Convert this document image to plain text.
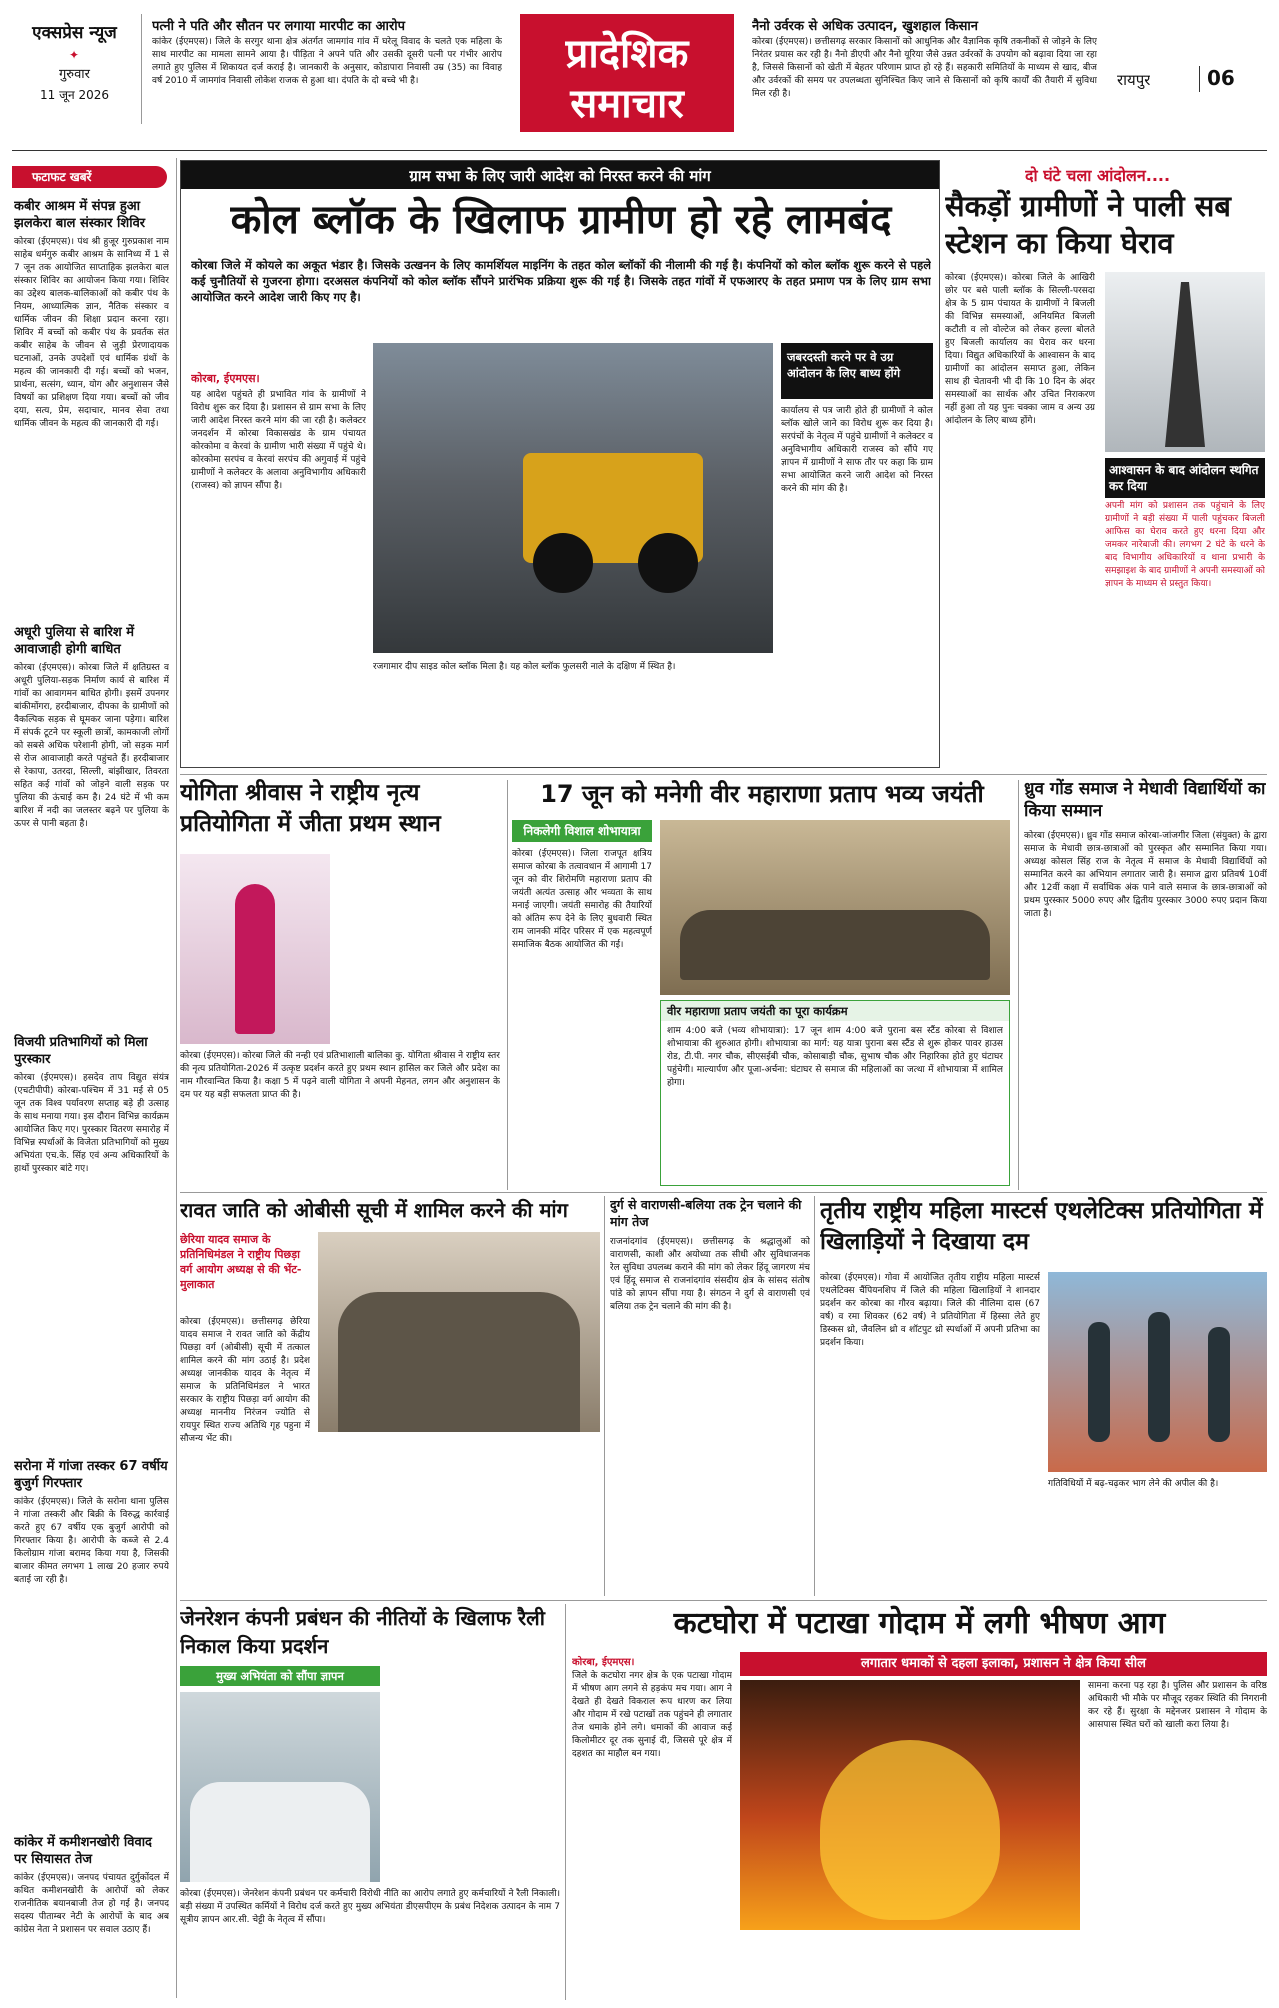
एक्सप्रेस न्यूज
✦
गुरुवार
11 जून 2026
पत्नी ने पति और सौतन पर लगाया मारपीट का आरोप
कांकेर (ईएमएस)। जिले के सरगुर थाना क्षेत्र अंतर्गत जामगांव गांव में घरेलू विवाद के चलते एक महिला के साथ मारपीट का मामला सामने आया है। पीड़िता ने अपने पति और उसकी दूसरी पत्नी पर गंभीर आरोप लगाते हुए पुलिस में शिकायत दर्ज कराई है। जानकारी के अनुसार, कोडापारा निवासी उम्र (35) का विवाह वर्ष 2010 में जामगांव निवासी लोकेश राजक से हुआ था। दंपति के दो बच्चे भी है।
प्रादेशिक
समाचार
नैनो उर्वरक से अधिक उत्पादन, खुशहाल किसान
कोरबा (ईएमएस)। छत्तीसगढ़ सरकार किसानों को आधुनिक और वैज्ञानिक कृषि तकनीकों से जोड़ने के लिए निरंतर प्रयास कर रही है। नैनो डीएपी और नैनो यूरिया जैसे उन्नत उर्वरकों के उपयोग को बढ़ावा दिया जा रहा है, जिससे किसानों को खेती में बेहतर परिणाम प्राप्त हो रहे हैं। सहकारी समितियों के माध्यम से खाद, बीज और उर्वरकों की समय पर उपलब्धता सुनिश्चित किए जाने से किसानों को कृषि कार्यों की तैयारी में सुविधा मिल रही है।
रायपुर	06
फटाफट खबरें
कबीर आश्रम में संपन्न हुआ झलकेरा बाल संस्कार शिविर
कोरबा (ईएमएस)। पंथ श्री हुजूर गुरुप्रकाश नाम साहेब धर्मगुरु कबीर आश्रम के सानिध्य में 1 से 7 जून तक आयोजित साप्ताहिक झलकेरा बाल संस्कार शिविर का आयोजन किया गया। शिविर का उद्देश्य बालक-बालिकाओं को कबीर पंथ के नियम, आध्यात्मिक ज्ञान, नैतिक संस्कार व धार्मिक जीवन की शिक्षा प्रदान करना रहा। शिविर में बच्चों को कबीर पंथ के प्रवर्तक संत कबीर साहेब के जीवन से जुड़ी प्रेरणादायक घटनाओं, उनके उपदेशों एवं धार्मिक ग्रंथों के महत्व की जानकारी दी गई। बच्चों को भजन, प्रार्थना, सत्संग, ध्यान, योग और अनुशासन जैसे विषयों का प्रशिक्षण दिया गया। बच्चों को जीव दया, सत्य, प्रेम, सदाचार, मानव सेवा तथा धार्मिक जीवन के महत्व की जानकारी दी गई।
अधूरी पुलिया से बारिश में आवाजाही होगी बाधित
कोरबा (ईएमएस)। कोरबा जिले में क्षतिग्रस्त व अधूरी पुलिया-सड़क निर्माण कार्य से बारिश में गांवों का आवागमन बाधित होगी। इसमें उपनगर बांकीमोंगरा, हरदीबाजार, दीपका के ग्रामीणों को वैकल्पिक सड़क से घूमकर जाना पड़ेगा। बारिश में संपर्क टूटने पर स्कूली छात्रों, कामकाजी लोगों को सबसे अधिक परेशानी होगी, जो सड़क मार्ग से रोज आवाजाही करते पहुंचते हैं। हरदीबाजार से रेकापा, उतरदा, सिल्ली, बांझीखार, तिवरता सहित कई गांवों को जोड़ने वाली सड़क पर पुलिया की ऊंचाई कम है। 24 घंटे में भी कम बारिश में नदी का जलस्तर बढ़ने पर पुलिया के ऊपर से पानी बहता है।
विजयी प्रतिभागियों को मिला पुरस्कार
कोरबा (ईएमएस)। हसदेव ताप विद्युत संयंत्र (एचटीपीपी) कोरबा-पश्चिम में 31 मई से 05 जून तक विश्व पर्यावरण सप्ताह बड़े ही उत्साह के साथ मनाया गया। इस दौरान विभिन्न कार्यक्रम आयोजित किए गए। पुरस्कार वितरण समारोह में विभिन्न स्पर्धाओं के विजेता प्रतिभागियों को मुख्य अभियंता एच.के. सिंह एवं अन्य अधिकारियों के हाथों पुरस्कार बांटे गए।
सरोना में गांजा तस्कर 67 वर्षीय बुजुर्ग गिरफ्तार
कांकेर (ईएमएस)। जिले के सरोना थाना पुलिस ने गांजा तस्करी और बिक्री के विरुद्ध कार्रवाई करते हुए 67 वर्षीय एक बुजुर्ग आरोपी को गिरफ्तार किया है। आरोपी के कब्जे से 2.4 किलोग्राम गांजा बरामद किया गया है, जिसकी बाजार कीमत लगभग 1 लाख 20 हजार रुपये बताई जा रही है।
कांकेर में कमीशनखोरी विवाद पर सियासत तेज
कांकेर (ईएमएस)। जनपद पंचायत दुर्गुकोंदल में कथित कमीशनखोरी के आरोपों को लेकर राजनीतिक बयानबाजी तेज हो गई है। जनपद सदस्य पीताम्बर नेटी के आरोपों के बाद अब कांग्रेस नेता ने प्रशासन पर सवाल उठाए हैं।
ग्राम सभा के लिए जारी आदेश को निरस्त करने की मांग
कोल ब्लॉक के खिलाफ ग्रामीण हो रहे लामबंद
कोरबा जिले में कोयले का अकूत भंडार है। जिसके उत्खनन के लिए कामर्शियल माइनिंग के तहत कोल ब्लॉकों की नीलामी की गई है। कंपनियों को कोल ब्लॉक शुरू करने से पहले कई चुनौतियों से गुजरना होगा। दरअसल कंपनियों को कोल ब्लॉक सौंपने प्रारंभिक प्रक्रिया शुरू की गई है। जिसके तहत गांवों में एफआरए के तहत प्रमाण पत्र के लिए ग्राम सभा आयोजित करने आदेश जारी किए गए है।
कोरबा, ईएमएस।
यह आदेश पहुंचते ही प्रभावित गांव के ग्रामीणों ने विरोध शुरू कर दिया है। प्रशासन से ग्राम सभा के लिए जारी आदेश निरस्त करने मांग की जा रही है। कलेक्टर जनदर्शन में कोरबा विकासखंड के ग्राम पंचायत कोरकोमा व केरवां के ग्रामीण भारी संख्या में पहुंचे थे। कोरकोमा सरपंच व केरवां सरपंच की अगुवाई में पहुंचे ग्रामीणों ने कलेक्टर के अलावा अनुविभागीय अधिकारी (राजस्व) को ज्ञापन सौंपा है।
रजगामार दीप साइड कोल ब्लॉक मिला है। यह कोल ब्लॉक फुलसरी नाले के दक्षिण में स्थित है।
जबरदस्ती करने पर वे उग्र आंदोलन के लिए बाध्य होंगे
कार्यालय से पत्र जारी होते ही ग्रामीणों ने कोल ब्लॉक खोले जाने का विरोध शुरू कर दिया है। सरपंचों के नेतृत्व में पहुंचे ग्रामीणों ने कलेक्टर व अनुविभागीय अधिकारी राजस्व को सौंपे गए ज्ञापन में ग्रामीणों ने साफ तौर पर कहा कि ग्राम सभा आयोजित करने जारी आदेश को निरस्त करने की मांग की है।
दो घंटे चला आंदोलन....
सैकड़ों ग्रामीणों ने पाली सब स्टेशन का किया घेराव
कोरबा (ईएमएस)। कोरबा जिले के आखिरी छोर पर बसे पाली ब्लॉक के सिल्ली-परसदा क्षेत्र के 5 ग्राम पंचायत के ग्रामीणों ने बिजली की विभिन्न समस्याओं, अनियमित बिजली कटौती व लो वोल्टेज को लेकर हल्ला बोलते हुए बिजली कार्यालय का घेराव कर धरना दिया। विद्युत अधिकारियों के आश्वासन के बाद ग्रामीणों का आंदोलन समाप्त हुआ, लेकिन साथ ही चेतावनी भी दी कि 10 दिन के अंदर समस्याओं का सार्थक और उचित निराकरण नहीं हुआ तो यह पुनः चक्का जाम व अन्य उग्र आंदोलन के लिए बाध्य होंगे।
आश्वासन के बाद आंदोलन स्थगित कर दिया
अपनी मांग को प्रशासन तक पहुंचाने के लिए ग्रामीणों ने बड़ी संख्या में पाली पहुंचकर बिजली आफिस का घेराव करते हुए धरना दिया और जमकर नारेबाजी की। लगभग 2 घंटे के धरने के बाद विभागीय अधिकारियों व थाना प्रभारी के समझाइश के बाद ग्रामीणों ने अपनी समस्याओं को ज्ञापन के माध्यम से प्रस्तुत किया।
योगिता श्रीवास ने राष्ट्रीय नृत्य प्रतियोगिता में जीता प्रथम स्थान
कोरबा (ईएमएस)। कोरबा जिले की नन्ही एवं प्रतिभाशाली बालिका कु. योगिता श्रीवास ने राष्ट्रीय स्तर की नृत्य प्रतियोगिता-2026 में उत्कृष्ट प्रदर्शन करते हुए प्रथम स्थान हासिल कर जिले और प्रदेश का नाम गौरवान्वित किया है। कक्षा 5 में पढ़ने वाली योगिता ने अपनी मेहनत, लगन और अनुशासन के दम पर यह बड़ी सफलता प्राप्त की है।
17 जून को मनेगी वीर महाराणा प्रताप भव्य जयंती
निकलेगी विशाल शोभायात्रा
कोरबा (ईएमएस)। जिला राजपूत क्षत्रिय समाज कोरबा के तत्वावधान में आगामी 17 जून को वीर शिरोमणि महाराणा प्रताप की जयंती अत्यंत उत्साह और भव्यता के साथ मनाई जाएगी। जयंती समारोह की तैयारियों को अंतिम रूप देने के लिए बुधवारी स्थित राम जानकी मंदिर परिसर में एक महत्वपूर्ण समाजिक बैठक आयोजित की गई।
वीर महाराणा प्रताप जयंती का पूरा कार्यक्रम
शाम 4:00 बजे (भव्य शोभायात्रा): 17 जून शाम 4:00 बजे पुराना बस स्टैंड कोरबा से विशाल शोभायात्रा की शुरुआत होगी। शोभायात्रा का मार्ग: यह यात्रा पुराना बस स्टैंड से शुरू होकर पावर हाउस रोड, टी.पी. नगर चौक, सीएसईबी चौक, कोसाबाड़ी चौक, सुभाष चौक और निहारिका होते हुए घंटाघर पहुंचेगी। माल्यार्पण और पूजा-अर्चना: घंटाघर से समाज की महिलाओं का जत्था में शोभायात्रा में शामिल होगा।
ध्रुव गोंड समाज ने मेधावी विद्यार्थियों का किया सम्मान
कोरबा (ईएमएस)। ध्रुव गोंड समाज कोरबा-जांजगीर जिला (संयुक्त) के द्वारा समाज के मेधावी छात्र-छात्राओं को पुरस्कृत और सम्मानित किया गया। अध्यक्ष कोसल सिंह राज के नेतृत्व में समाज के मेधावी विद्यार्थियों को सम्मानित करने का अभियान लगातार जारी है। समाज द्वारा प्रतिवर्ष 10वीं और 12वीं कक्षा में सर्वाधिक अंक पाने वाले समाज के छात्र-छात्राओं को प्रथम पुरस्कार 5000 रुपए और द्वितीय पुरस्कार 3000 रुपए प्रदान किया जाता है।
रावत जाति को ओबीसी सूची में शामिल करने की मांग
छेरिया यादव समाज के प्रतिनिधिमंडल ने राष्ट्रीय पिछड़ा वर्ग आयोग अध्यक्ष से की भेंट-मुलाकात
कोरबा (ईएमएस)। छत्तीसगढ़ छेरिया यादव समाज ने रावत जाति को केंद्रीय पिछड़ा वर्ग (ओबीसी) सूची में तत्काल शामिल करने की मांग उठाई है। प्रदेश अध्यक्ष जानकीक यादव के नेतृत्व में समाज के प्रतिनिधिमंडल ने भारत सरकार के राष्ट्रीय पिछड़ा वर्ग आयोग की अध्यक्ष माननीय निरंजन ज्योति से रायपुर स्थित राज्य अतिथि गृह पहुना में सौजन्य भेंट की।
दुर्ग से वाराणसी-बलिया तक ट्रेन चलाने की मांग तेज
राजनांदगांव (ईएमएस)। छत्तीसगढ़ के श्रद्धालुओं को वाराणसी, काशी और अयोध्या तक सीधी और सुविधाजनक रेल सुविधा उपलब्ध कराने की मांग को लेकर हिंदू जागरण मंच एवं हिंदू समाज से राजनांदगांव संसदीय क्षेत्र के सांसद संतोष पांडे को ज्ञापन सौंपा गया है। संगठन ने दुर्ग से वाराणसी एवं बलिया तक ट्रेन चलाने की मांग की है।
तृतीय राष्ट्रीय महिला मास्टर्स एथलेटिक्स प्रतियोगिता में खिलाड़ियों ने दिखाया दम
कोरबा (ईएमएस)। गोवा में आयोजित तृतीय राष्ट्रीय महिला मास्टर्स एथलेटिक्स चैंपियनशिप में जिले की महिला खिलाड़ियों ने शानदार प्रदर्शन कर कोरबा का गौरव बढ़ाया। जिले की नीलिमा दास (67 वर्ष) व रमा शिवकर (62 वर्ष) ने प्रतियोगिता में हिस्सा लेते हुए डिस्कस थ्रो, जैवलिन थ्रो व शॉटपुट थ्रो स्पर्धाओं में अपनी प्रतिभा का प्रदर्शन किया।
गतिविधियों में बढ़-चढ़कर भाग लेने की अपील की है।
जेनरेशन कंपनी प्रबंधन की नीतियों के खिलाफ रैली निकाल किया प्रदर्शन
मुख्य अभियंता को सौंपा ज्ञापन
कोरबा (ईएमएस)। जेनरेशन कंपनी प्रबंधन पर कर्मचारी विरोधी नीति का आरोप लगाते हुए कर्मचारियों ने रैली निकाली। बड़ी संख्या में उपस्थित कर्मियों ने विरोध दर्ज करते हुए मुख्य अभियंता डीएसपीएम के प्रबंध निदेशक उत्पादन के नाम 7 सूत्रीय ज्ञापन आर.सी. चेट्टी के नेतृत्व में सौंपा।
कटघोरा में पटाखा गोदाम में लगी भीषण आग
कोरबा, ईएमएस।
जिले के कटघोरा नगर क्षेत्र के एक पटाखा गोदाम में भीषण आग लगने से हड़कंप मच गया। आग ने देखते ही देखते विकराल रूप धारण कर लिया और गोदाम में रखे पटाखों तक पहुंचने ही लगातार तेज धमाके होने लगे। धमाकों की आवाज कई किलोमीटर दूर तक सुनाई दी, जिससे पूरे क्षेत्र में दहशत का माहौल बन गया।
लगातार धमाकों से दहला इलाका, प्रशासन ने क्षेत्र किया सील
सामना करना पड़ रहा है। पुलिस और प्रशासन के वरिष्ठ अधिकारी भी मौके पर मौजूद रहकर स्थिति की निगरानी कर रहे हैं। सुरक्षा के मद्देनजर प्रशासन ने गोदाम के आसपास स्थित घरों को खाली करा लिया है।
